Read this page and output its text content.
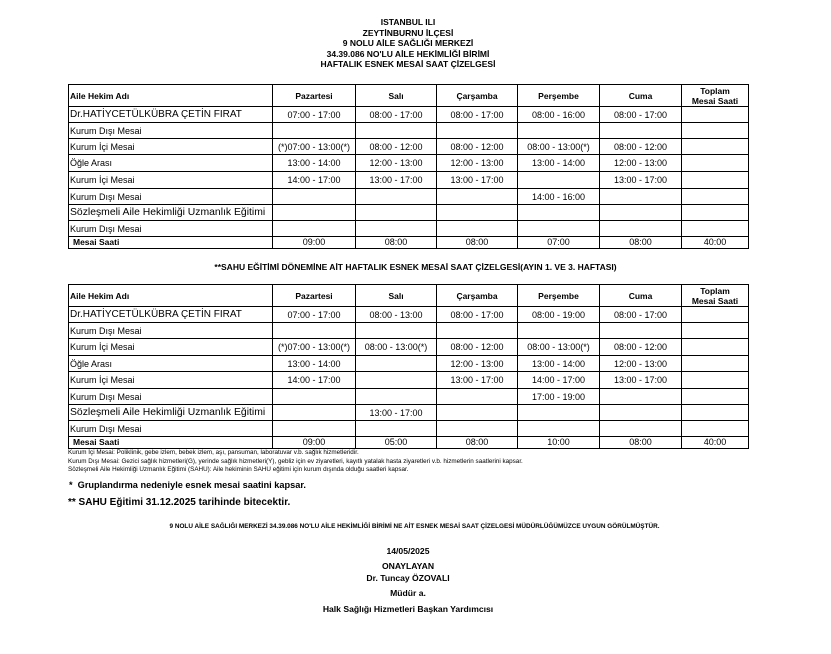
ISTANBUL ILI
ZEYTİNBURNU İLÇESİ
9 NOLU AİLE SAĞLIĞI MERKEZİ
34.39.086 NO'LU AİLE HEKİMLİĞİ BİRİMİ
HAFTALIK ESNEK MESAİ SAAT ÇİZELGESİ
Aile Hekim Adı	Pazartesi	Salı	Çarşamba	Perşembe	Cuma	Toplam
Mesai Saati
Dr.HATİYCETÜLKÜBRA ÇETİN FIRAT	07:00 - 17:00	08:00 - 17:00	08:00 - 17:00	08:00 - 16:00	08:00 - 17:00	
Kurum Dışı Mesai						
Kurum İçi Mesai	(*)07:00 - 13:00(*)	08:00 - 12:00	08:00 - 12:00	08:00 - 13:00(*)	08:00 - 12:00	
Öğle Arası	13:00 - 14:00	12:00 - 13:00	12:00 - 13:00	13:00 - 14:00	12:00 - 13:00	
Kurum İçi Mesai	14:00 - 17:00	13:00 - 17:00	13:00 - 17:00		13:00 - 17:00	
Kurum Dışı Mesai				14:00 - 16:00		
Sözleşmeli Aile Hekimliği Uzmanlık Eğitimi						
Kurum Dışı Mesai						
Mesai Saati	09:00	08:00	08:00	07:00	08:00	40:00
**SAHU EĞİTİMİ DÖNEMİNE AİT HAFTALIK ESNEK MESAİ SAAT ÇİZELGESİ(AYIN 1. VE 3. HAFTASI)
Aile Hekim Adı	Pazartesi	Salı	Çarşamba	Perşembe	Cuma	Toplam
Mesai Saati
Dr.HATİYCETÜLKÜBRA ÇETİN FIRAT	07:00 - 17:00	08:00 - 13:00	08:00 - 17:00	08:00 - 19:00	08:00 - 17:00	
Kurum Dışı Mesai						
Kurum İçi Mesai	(*)07:00 - 13:00(*)	08:00 - 13:00(*)	08:00 - 12:00	08:00 - 13:00(*)	08:00 - 12:00	
Öğle Arası	13:00 - 14:00		12:00 - 13:00	13:00 - 14:00	12:00 - 13:00	
Kurum İçi Mesai	14:00 - 17:00		13:00 - 17:00	14:00 - 17:00	13:00 - 17:00	
Kurum Dışı Mesai				17:00 - 19:00		
Sözleşmeli Aile Hekimliği Uzmanlık Eğitimi		13:00 - 17:00				
Kurum Dışı Mesai						
Mesai Saati	09:00	05:00	08:00	10:00	08:00	40:00
Kurum İçi Mesai: Poliklinik, gebe izlem, bebek izlem, aşı, pansuman, laboratuvar v.b. sağlık hizmetleridir.
Kurum Dışı Mesai: Gezici sağlık hizmetleri(G), yerinde sağlık hizmetleri(Y), gebliz için ev ziyaretleri, kayıtlı yatalak hasta ziyaretleri v.b. hizmetlerin saatlerini kapsar.
Sözleşmeli Aile Hekimliği Uzmanlık Eğitimi (SAHU): Aile hekiminin SAHU eğitimi için kurum dışında olduğu saatleri kapsar.
*  Gruplandırma nedeniyle esnek mesai saatini kapsar.
** SAHU Eğitimi 31.12.2025 tarihinde bitecektir.
9 NOLU AİLE SAĞLIĞI MERKEZİ 34.39.086 NO'LU AİLE HEKİMLİĞİ BİRİMİ NE AİT ESNEK MESAİ SAAT ÇİZELGESİ MÜDÜRLÜĞÜMÜZCE UYGUN GÖRÜLMÜŞTÜR.
14/05/2025
ONAYLAYAN
Dr. Tuncay ÖZOVALI
Müdür a.
Halk Sağlığı Hizmetleri Başkan Yardımcısı
